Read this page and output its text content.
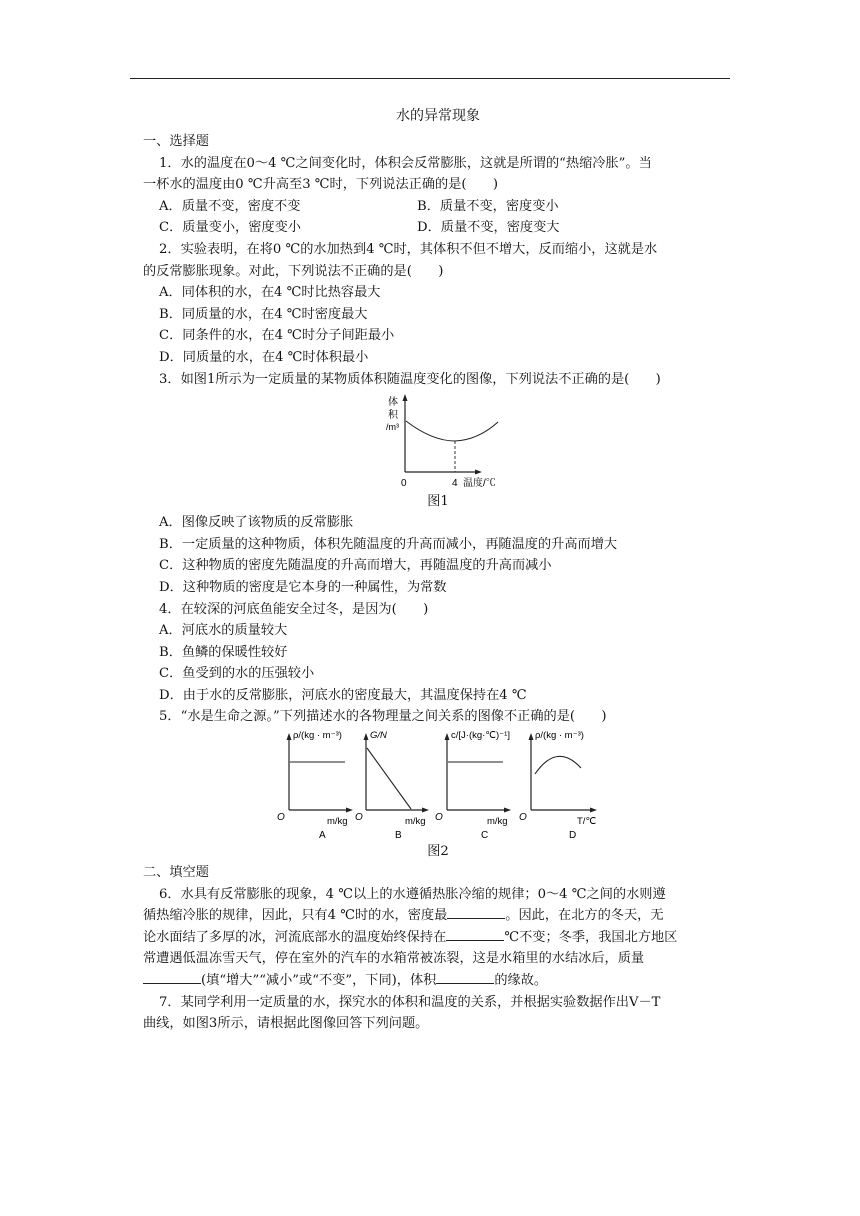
水的异常现象
一、选择题
1．水的温度在0～4 ℃之间变化时，体积会反常膨胀，这就是所谓的“热缩冷胀”。当
一杯水的温度由0 ℃升高至3 ℃时，下列说法正确的是(　　)
A．质量不变，密度不变	B．质量不变，密度变小
C．质量变小，密度变小	D．质量不变，密度变大
2．实验表明，在将0 ℃的水加热到4 ℃时，其体积不但不增大，反而缩小，这就是水
的反常膨胀现象。对此，下列说法不正确的是(　　)
A．同体积的水，在4 ℃时比热容最大
B．同质量的水，在4 ℃时密度最大
C．同条件的水，在4 ℃时分子间距最小
D．同质量的水，在4 ℃时体积最小
3．如图1所示为一定质量的某物质体积随温度变化的图像，下列说法不正确的是(　　)
体
积
/m³
0	4 温度/℃
图1
A．图像反映了该物质的反常膨胀
B．一定质量的这种物质，体积先随温度的升高而减小，再随温度的升高而增大
C．这种物质的密度先随温度的升高而增大，再随温度的升高而减小
D．这种物质的密度是它本身的一种属性，为常数
4．在较深的河底鱼能安全过冬，是因为(　　)
A．河底水的质量较大
B．鱼鳞的保暖性较好
C．鱼受到的水的压强较小
D．由于水的反常膨胀，河底水的密度最大，其温度保持在4 ℃
5．“水是生命之源。”下列描述水的各物理量之间关系的图像不正确的是(　　)
ρ/(kg · m⁻³)
O	m/kg
A
G/N
O	m/kg
B
c/[J·(kg·℃)⁻¹]
O	m/kg
C
ρ/(kg · m⁻³)
O	T/℃
D
图2
二、填空题
6．水具有反常膨胀的现象，4 ℃以上的水遵循热胀冷缩的规律；0～4 ℃之间的水则遵
循热缩冷胀的规律，因此，只有4 ℃时的水，密度最	。因此，在北方的冬天，无
论水面结了多厚的冰，河流底部水的温度始终保持在	℃不变；冬季，我国北方地区
常遭遇低温冻雪天气，停在室外的汽车的水箱常被冻裂，这是水箱里的水结冰后，质量
(填“增大”“减小”或“不变”，下同)，体积	的缘故。
7．某同学利用一定质量的水，探究水的体积和温度的关系，并根据实验数据作出V－T
曲线，如图3所示，请根据此图像回答下列问题。
